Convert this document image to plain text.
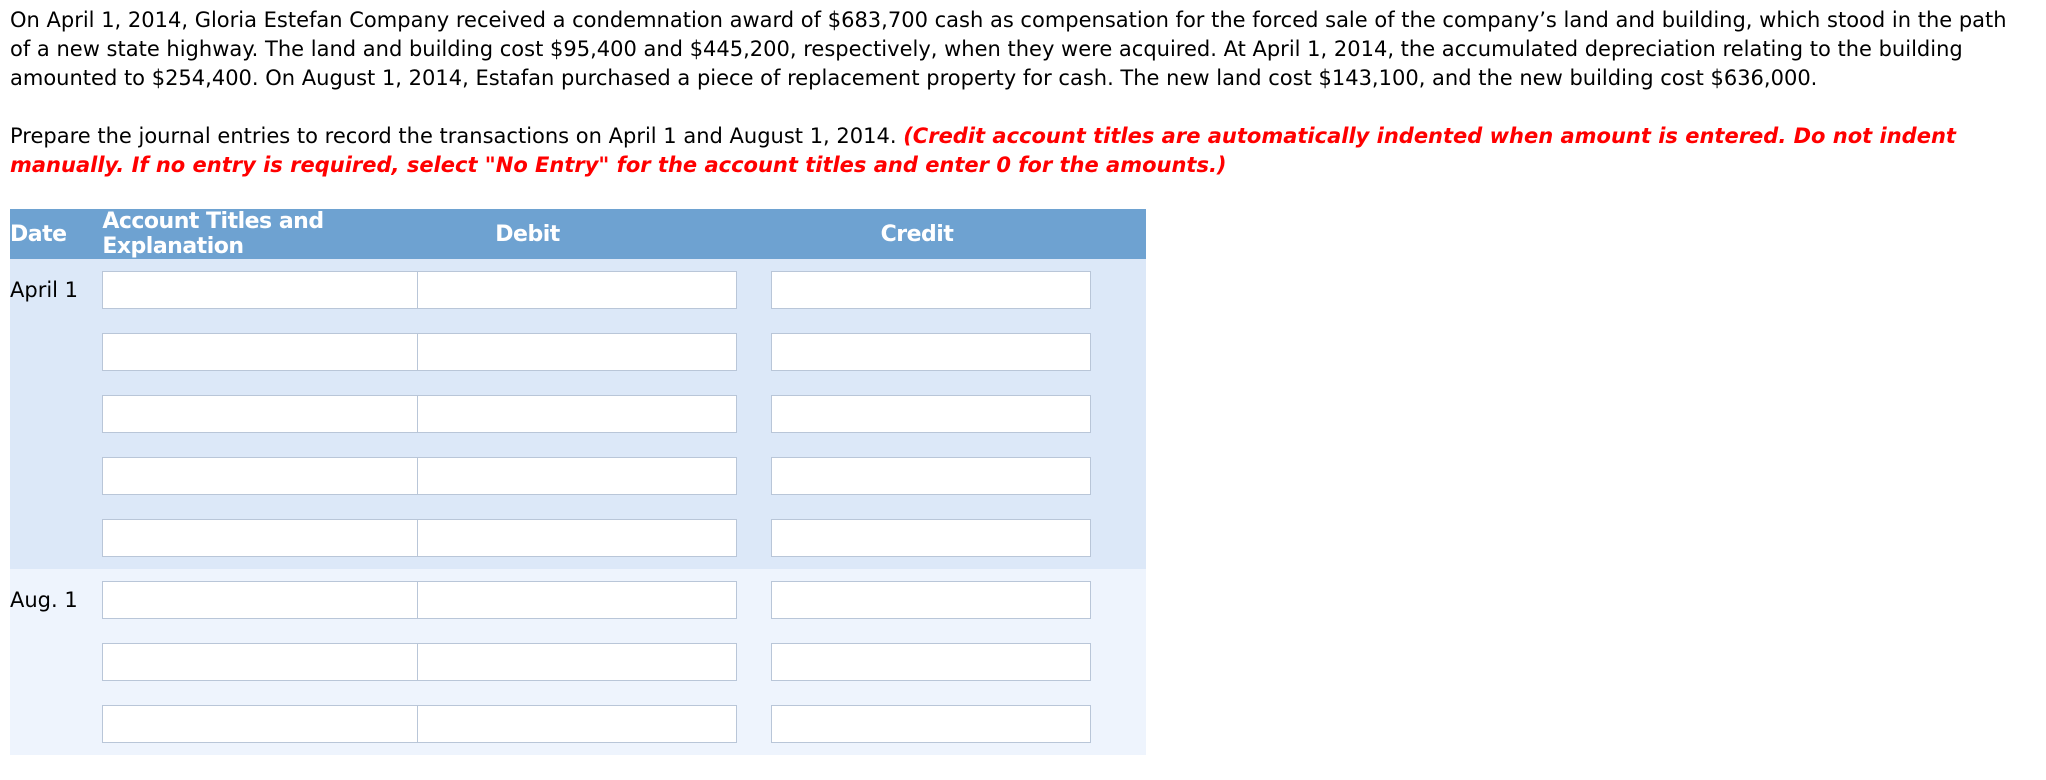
On April 1, 2014, Gloria Estefan Company received a condemnation award of $683,700 cash as compensation for the forced sale of the company’s land and building, which stood in the path of a new state highway. The land and building cost $95,400 and $445,200, respectively, when they were acquired. At April 1, 2014, the accumulated depreciation relating to the building amounted to $254,400. On August 1, 2014, Estafan purchased a piece of replacement property for cash. The new land cost $143,100, and the new building cost $636,000.

Prepare the journal entries to record the transactions on April 1 and August 1, 2014. (Credit account titles are automatically indented when amount is entered. Do not indent manually. If no entry is required, select "No Entry" for the account titles and enter 0 for the amounts.)

Date	Account Titles and Explanation	Debit	Credit
April 1	

Aug. 1	
